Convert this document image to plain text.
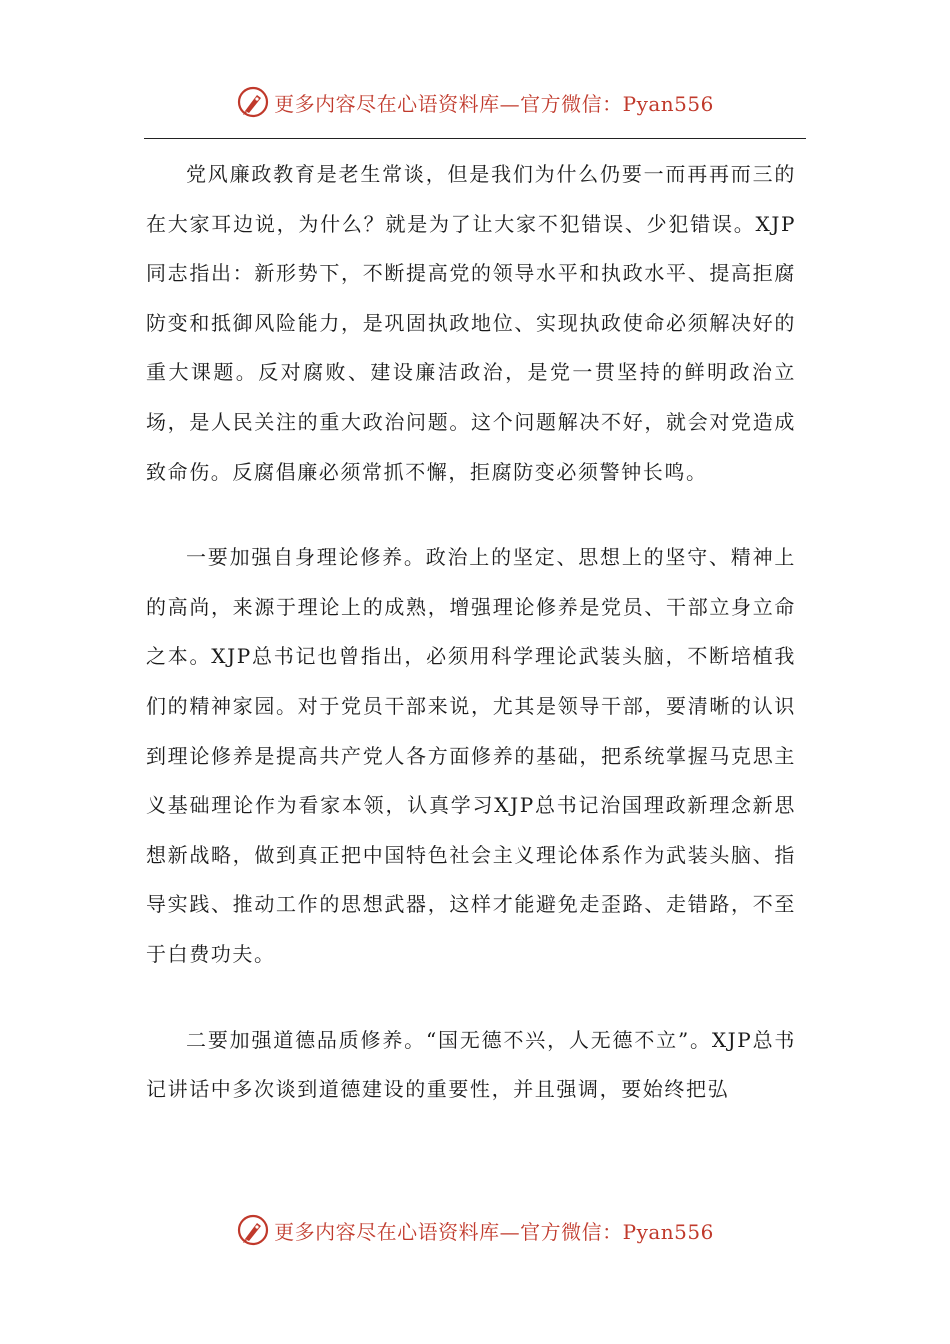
更多内容尽在心语资料库—官方微信：Pyan556

党风廉政教育是老生常谈，但是我们为什么仍要一而再再而三的在大家耳边说，为什么？就是为了让大家不犯错误、少犯错误。XJP同志指出：新形势下，不断提高党的领导水平和执政水平、提高拒腐防变和抵御风险能力，是巩固执政地位、实现执政使命必须解决好的重大课题。反对腐败、建设廉洁政治，是党一贯坚持的鲜明政治立场，是人民关注的重大政治问题。这个问题解决不好，就会对党造成致命伤。反腐倡廉必须常抓不懈，拒腐防变必须警钟长鸣。

一要加强自身理论修养。政治上的坚定、思想上的坚守、精神上的高尚，来源于理论上的成熟，增强理论修养是党员、干部立身立命之本。XJP总书记也曾指出，必须用科学理论武装头脑，不断培植我们的精神家园。对于党员干部来说，尤其是领导干部，要清晰的认识到理论修养是提高共产党人各方面修养的基础，把系统掌握马克思主义基础理论作为看家本领，认真学习XJP总书记治国理政新理念新思想新战略，做到真正把中国特色社会主义理论体系作为武装头脑、指导实践、推动工作的思想武器，这样才能避免走歪路、走错路，不至于白费功夫。

二要加强道德品质修养。“国无德不兴，人无德不立”。XJP总书记讲话中多次谈到道德建设的重要性，并且强调，要始终把弘

更多内容尽在心语资料库—官方微信：Pyan556
